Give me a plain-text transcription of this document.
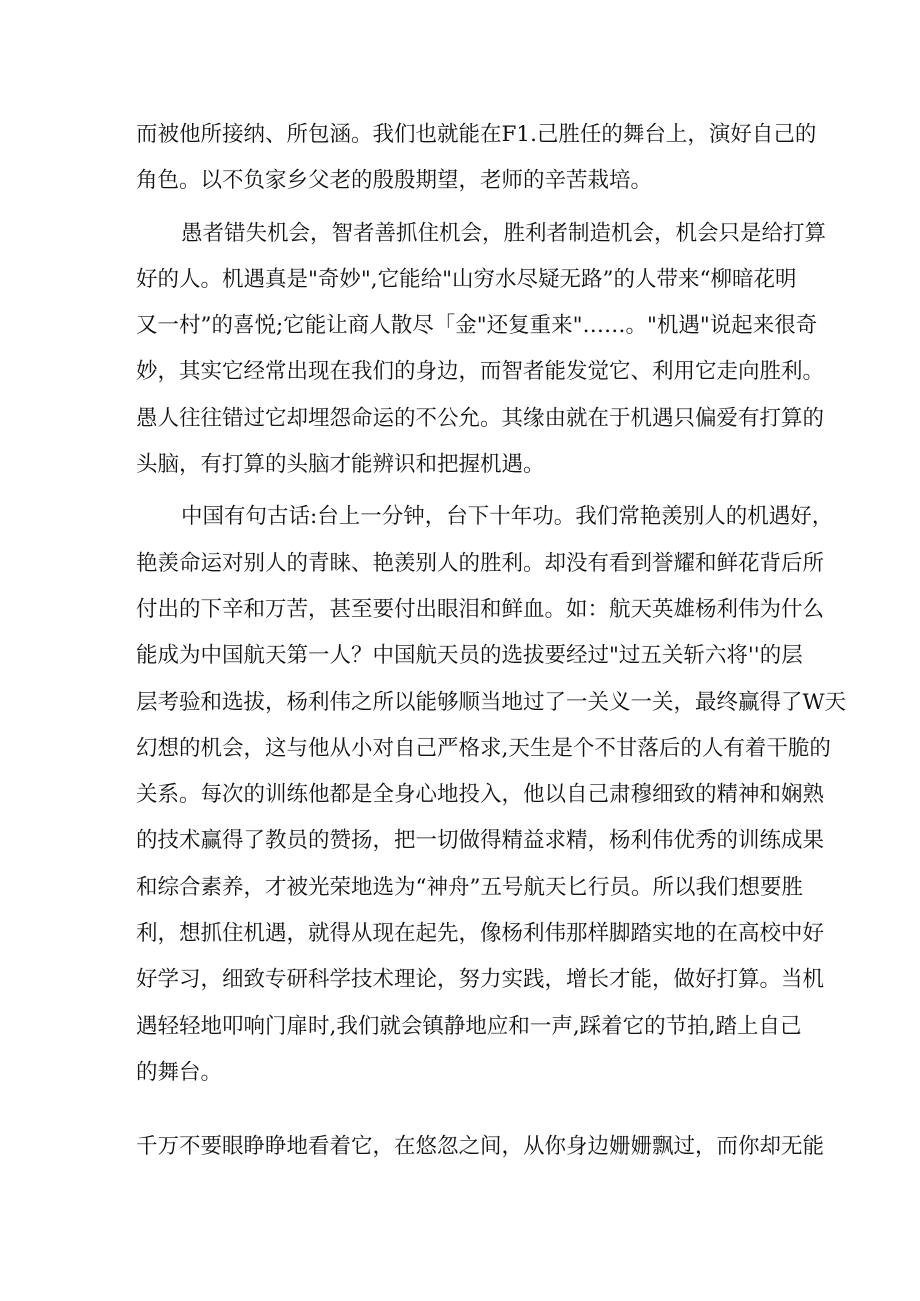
而被他所接纳、所包涵。我们也就能在F1.己胜任的舞台上，演好自己的
角色。以不负家乡父老的殷殷期望，老师的辛苦栽培。
愚者错失机会，智者善抓住机会，胜利者制造机会，机会只是给打算
好的人。机遇真是"奇妙",它能给"山穷水尽疑无路”的人带来“柳暗花明
又一村”的喜悦;它能让商人散尽「金"还复重来"……。"机遇"说起来很奇
妙，其实它经常出现在我们的身边，而智者能发觉它、利用它走向胜利。
愚人往往错过它却埋怨命运的不公允。其缘由就在于机遇只偏爱有打算的
头脑，有打算的头脑才能辨识和把握机遇。
中国有句古话:台上一分钟，台下十年功。我们常艳羡别人的机遇好，
艳羡命运对别人的青睐、艳羡别人的胜利。却没有看到誉耀和鲜花背后所
付出的下辛和万苦，甚至要付出眼泪和鲜血。如：航天英雄杨利伟为什么
能成为中国航天第一人？中国航天员的选拔要经过"过五关斩六将''的层
层考验和选拔，杨利伟之所以能够顺当地过了一关义一关，最终赢得了W天
幻想的机会，这与他从小对自己严格求,天生是个不甘落后的人有着干脆的
关系。每次的训练他都是全身心地投入，他以自己肃穆细致的精神和娴熟
的技术赢得了教员的赞扬，把一切做得精益求精，杨利伟优秀的训练成果
和综合素养，才被光荣地选为“神舟”五号航天匕行员。所以我们想要胜
利，想抓住机遇，就得从现在起先，像杨利伟那样脚踏实地的在高校中好
好学习，细致专研科学技术理论，努力实践，增长才能，做好打算。当机
遇轻轻地叩响门扉时,我们就会镇静地应和一声,踩着它的节拍,踏上自己
的舞台。
千万不要眼睁睁地看着它，在悠忽之间，从你身边姗姗飘过，而你却无能
